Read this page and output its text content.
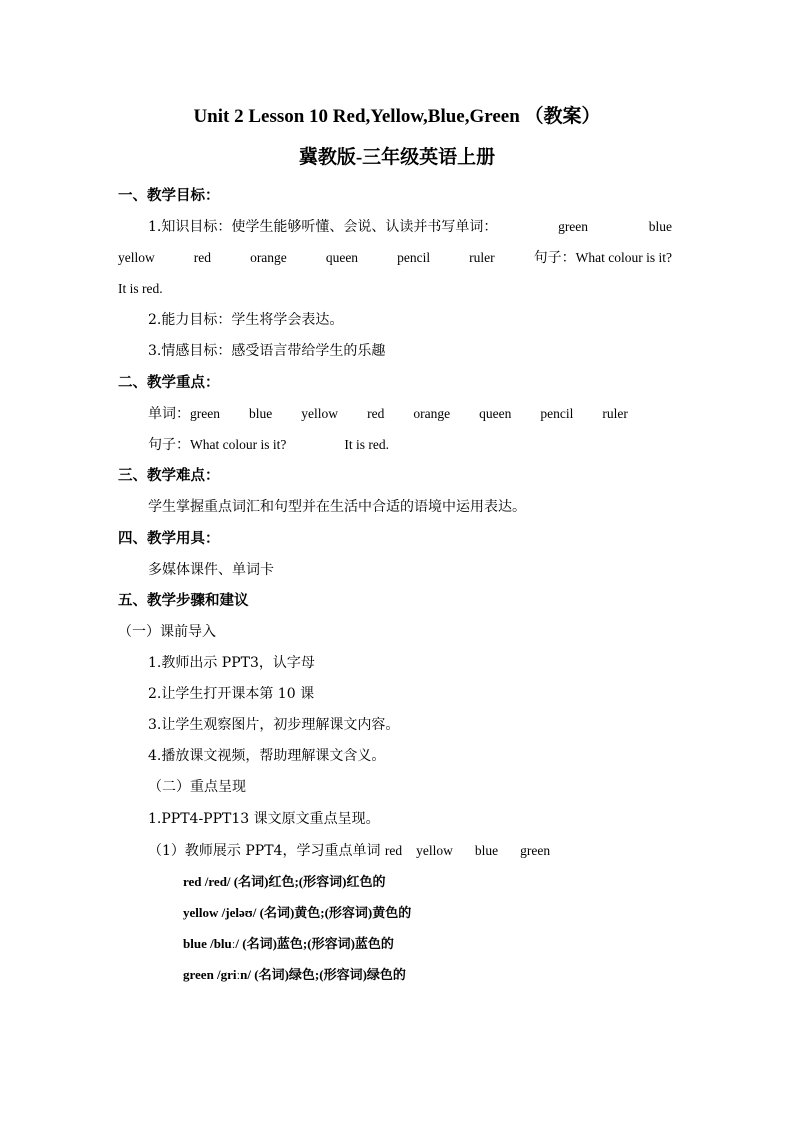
Unit 2 Lesson 10 Red,Yellow,Blue,Green （教案）
冀教版-三年级英语上册
一、教学目标：
1.知识目标：使学生能够听懂、会说、认读并书写单词：	green	blue
yellow	red	orange	queen	pencil	ruler	句子：What colour is it?
It is red.
2.能力目标：学生将学会表达。
3.情感目标：感受语言带给学生的乐趣
二、教学重点：
单词：green blue yellow red orange queen pencil ruler
句子：What colour is it?	It is red.
三、教学难点：
学生掌握重点词汇和句型并在生活中合适的语境中运用表达。
四、教学用具：
多媒体课件、单词卡
五、教学步骤和建议
（一）课前导入
1.教师出示 PPT3，认字母
2.让学生打开课本第 10 课
3.让学生观察图片，初步理解课文内容。
4.播放课文视频，帮助理解课文含义。
（二）重点呈现
1.PPT4-PPT13 课文原文重点呈现。
（1）教师展示 PPT4，学习重点单词 red yellow blue green
red /red/ (名词)红色;(形容词)红色的
yellow /jeləʊ/ (名词)黄色;(形容词)黄色的
blue /bluː/ (名词)蓝色;(形容词)蓝色的
green /griːn/ (名词)绿色;(形容词)绿色的
